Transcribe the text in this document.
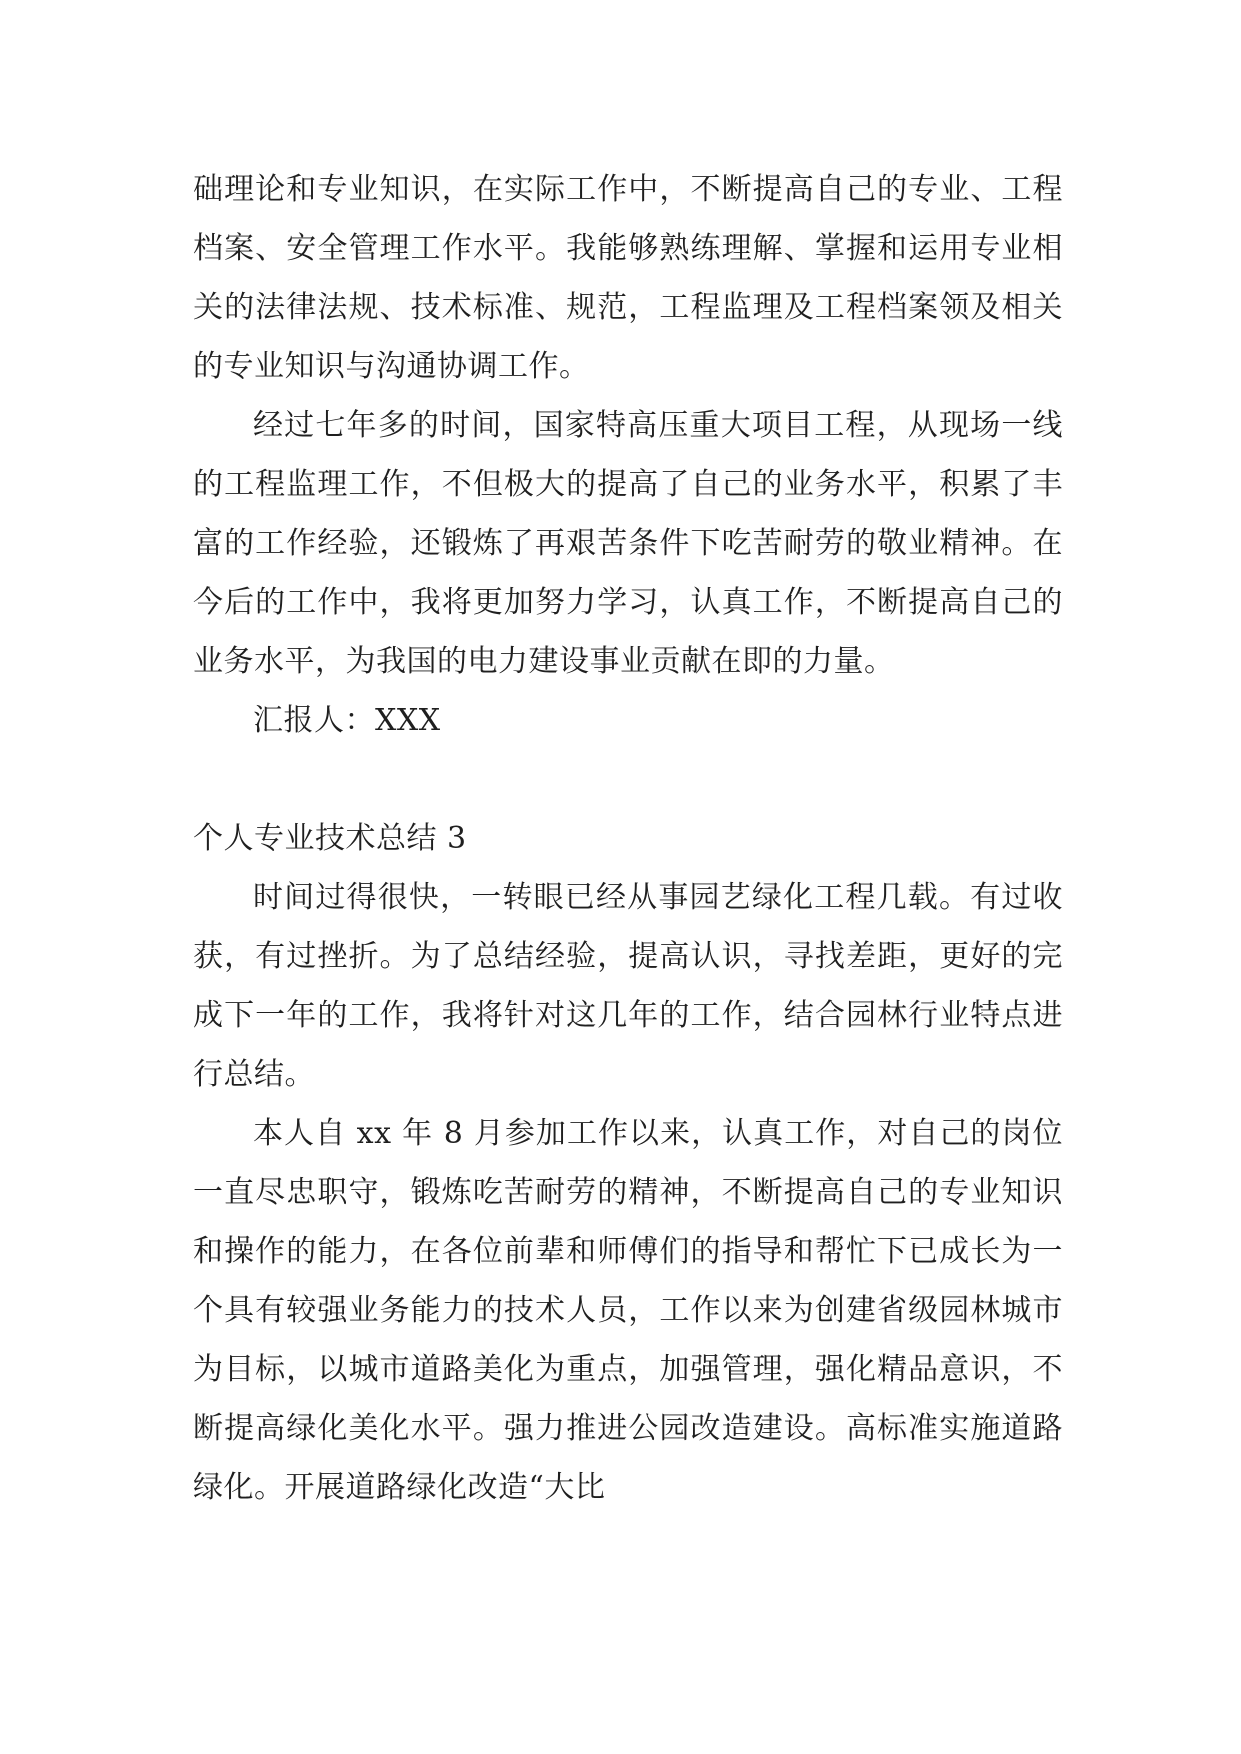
础理论和专业知识，在实际工作中，不断提高自己的专业、工程档案、安全管理工作水平。我能够熟练理解、掌握和运用专业相关的法律法规、技术标准、规范，工程监理及工程档案领及相关的专业知识与沟通协调工作。

经过七年多的时间，国家特高压重大项目工程，从现场一线的工程监理工作，不但极大的提高了自己的业务水平，积累了丰富的工作经验，还锻炼了再艰苦条件下吃苦耐劳的敬业精神。在今后的工作中，我将更加努力学习，认真工作，不断提高自己的业务水平，为我国的电力建设事业贡献在即的力量。

汇报人：XXX

个人专业技术总结 3

时间过得很快，一转眼已经从事园艺绿化工程几载。有过收获，有过挫折。为了总结经验，提高认识，寻找差距，更好的完成下一年的工作，我将针对这几年的工作，结合园林行业特点进行总结。

本人自 xx 年 8 月参加工作以来，认真工作，对自己的岗位一直尽忠职守，锻炼吃苦耐劳的精神，不断提高自己的专业知识和操作的能力，在各位前辈和师傅们的指导和帮忙下已成长为一个具有较强业务能力的技术人员，工作以来为创建省级园林城市为目标，以城市道路美化为重点，加强管理，强化精品意识，不断提高绿化美化水平。强力推进公园改造建设。高标准实施道路绿化。开展道路绿化改造“大比
